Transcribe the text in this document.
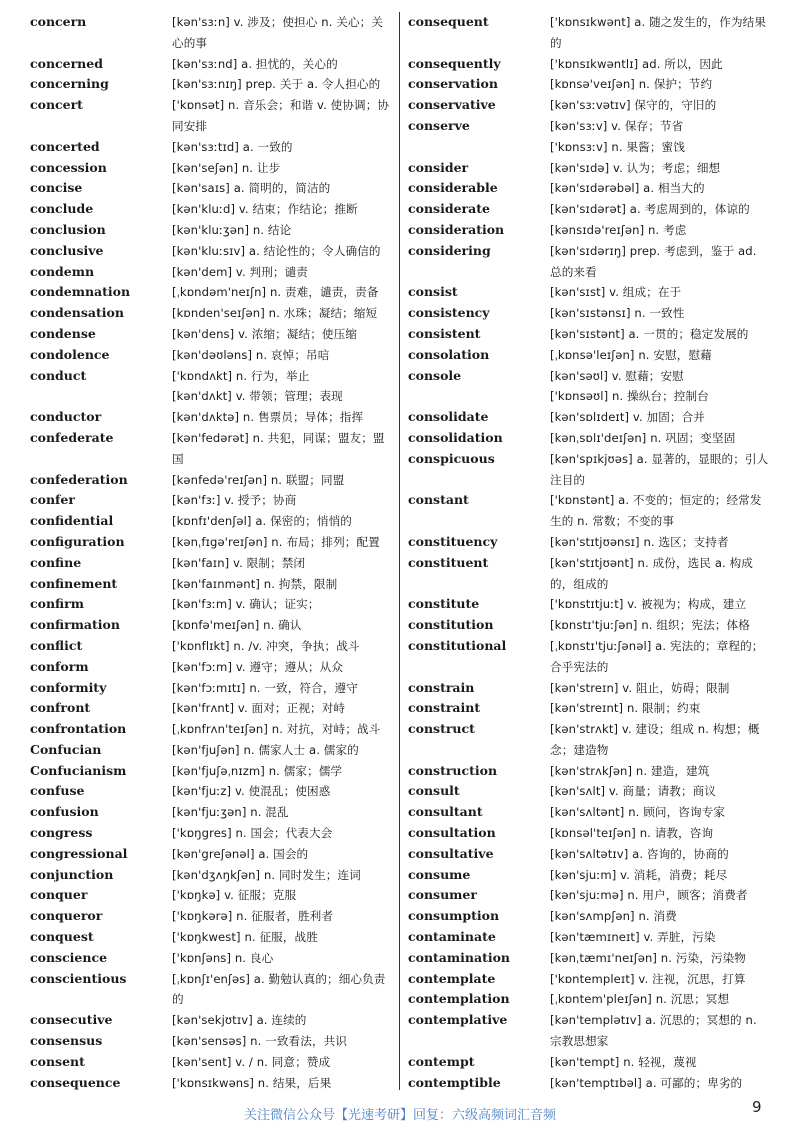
concern	[kən'sɜːn] v. 涉及；使担心 n. 关心；关心的事
concerned	[kən'sɜːnd] a. 担忧的，关心的
concerning	[kən'sɜːnɪŋ] prep. 关于 a. 令人担心的
concert	['kɒnsət] n. 音乐会；和谐 v. 使协调；协同安排
concerted	[kən'sɜːtɪd] a. 一致的
concession	[kən'seʃən] n. 让步
concise	[kən'saɪs] a. 简明的，简洁的
conclude	[kən'kluːd] v. 结束；作结论；推断
conclusion	[kən'kluːʒən] n. 结论
conclusive	[kən'kluːsɪv] a. 结论性的；令人确信的
condemn	[kən'dem] v. 判刑；谴责
condemnation	[ˌkɒndəm'neɪʃn] n. 责难，谴责，责备
condensation	[kɒnden'seɪʃən] n. 水珠；凝结；缩短
condense	[kən'dens] v. 浓缩；凝结；使压缩
condolence	[kən'dəʊləns] n. 哀悼；吊唁
conduct	['kɒndʌkt] n. 行为，举止
[kən'dʌkt] v. 带领；管理；表现
conductor	[kən'dʌktə] n. 售票员；导体；指挥
confederate	[kən'fedərət] n. 共犯，同谋；盟友；盟国
confederation	[kənfedə'reɪʃən] n. 联盟；同盟
confer	[kən'fɜː] v. 授予；协商
confidential	[kɒnfɪ'denʃəl] a. 保密的；悄悄的
configuration	[kənˌfɪgə'reɪʃən] n. 布局；排列；配置
confine	[kən'faɪn] v. 限制；禁闭
confinement	[kən'faɪnmənt] n. 拘禁，限制
confirm	[kən'fɜːm] v. 确认；证实；
confirmation	[kɒnfə'meɪʃən] n. 确认
conflict	['kɒnflɪkt] n. /v. 冲突，争执；战斗
conform	[kən'fɔːm] v. 遵守；遵从；从众
conformity	[kən'fɔːmɪtɪ] n. 一致，符合，遵守
confront	[kən'frʌnt] v. 面对；正视；对峙
confrontation	[ˌkɒnfrʌn'teɪʃən] n. 对抗，对峙；战斗
Confucian	[kən'fjuʃən] n. 儒家人士 a. 儒家的
Confucianism	[kən'fjuʃəˌnɪzm] n. 儒家；儒学
confuse	[kən'fjuːz] v. 使混乱；使困惑
confusion	[kən'fjuːʒən] n. 混乱
congress	['kɒŋgres] n. 国会；代表大会
congressional	[kən'greʃənəl] a. 国会的
conjunction	[kən'dʒʌŋkʃən] n. 同时发生；连词
conquer	['kɒŋkə] v. 征服；克服
conqueror	['kɒŋkərə] n. 征服者，胜利者
conquest	['kɒŋkwest] n. 征服，战胜
conscience	['kɒnʃəns] n. 良心
conscientious	[ˌkɒnʃɪ'enʃəs] a. 勤勉认真的；细心负责的
consecutive	[kən'sekjʊtɪv] a. 连续的
consensus	[kən'sensəs] n. 一致看法，共识
consent	[kən'sent] v. / n. 同意；赞成
consequence	['kɒnsɪkwəns] n. 结果，后果
consequent	['kɒnsɪkwənt] a. 随之发生的，作为结果的
consequently	['kɒnsɪkwəntlɪ] ad. 所以，因此
conservation	[kɒnsə'veɪʃən] n. 保护；节约
conservative	[kən'sɜːvətɪv] 保守的，守旧的
conserve	[kən'sɜːv] v. 保存；节省
['kɒnsɜːv] n. 果酱；蜜饯
consider	[kən'sɪdə] v. 认为；考虑；细想
considerable	[kən'sɪdərəbəl] a. 相当大的
considerate	[kən'sɪdərət] a. 考虑周到的，体谅的
consideration	[kənsɪdə'reɪʃən] n. 考虑
considering	[kən'sɪdərɪŋ] prep. 考虑到，鉴于 ad. 总的来看
consist	[kən'sɪst] v. 组成；在于
consistency	[kən'sɪstənsɪ] n. 一致性
consistent	[kən'sɪstənt] a. 一贯的；稳定发展的
consolation	[ˌkɒnsə'leɪʃən] n. 安慰，慰藉
console	[kən'səʊl] v. 慰藉；安慰
['kɒnsəʊl] n. 操纵台；控制台
consolidate	[kən'sɒlɪdeɪt] v. 加固；合并
consolidation	[kənˌsɒlɪ'deɪʃən] n. 巩固；变坚固
conspicuous	[kən'spɪkjʊəs] a. 显著的，显眼的；引人注目的
constant	['kɒnstənt] a. 不变的；恒定的；经常发生的 n. 常数；不变的事
constituency	[kən'stɪtjʊənsɪ] n. 选区；支持者
constituent	[kən'stɪtjʊənt] n. 成份，选民 a. 构成的，组成的
constitute	['kɒnstɪtjuːt] v. 被视为；构成，建立
constitution	[kɒnstɪ'tjuːʃən] n. 组织；宪法；体格
constitutional	[ˌkɒnstɪ'tjuːʃənəl] a. 宪法的；章程的；合乎宪法的
constrain	[kən'streɪn] v. 阻止，妨碍；限制
constraint	[kən'streɪnt] n. 限制；约束
construct	[kən'strʌkt] v. 建设；组成 n. 构想；概念；建造物
construction	[kən'strʌkʃən] n. 建造，建筑
consult	[kən'sʌlt] v. 商量；请教；商议
consultant	[kən'sʌltənt] n. 顾问，咨询专家
consultation	[kɒnsəl'teɪʃən] n. 请教，咨询
consultative	[kən'sʌltətɪv] a. 咨询的，协商的
consume	[kən'sjuːm] v. 消耗，消费；耗尽
consumer	[kən'sjuːmə] n. 用户，顾客；消费者
consumption	[kən'sʌmpʃən] n. 消费
contaminate	[kən'tæmɪneɪt] v. 弄脏，污染
contamination	[kənˌtæmɪ'neɪʃən] n. 污染，污染物
contemplate	['kɒntempleɪt] v. 注视，沉思，打算
contemplation	[ˌkɒntem'pleɪʃən] n. 沉思；冥想
contemplative	[kən'templətɪv] a. 沉思的；冥想的 n. 宗教思想家
contempt	[kən'tempt] n. 轻视，蔑视
contemptible	[kən'temptɪbəl] a. 可鄙的；卑劣的
关注微信公众号【光速考研】回复：六级高频词汇音频	9
